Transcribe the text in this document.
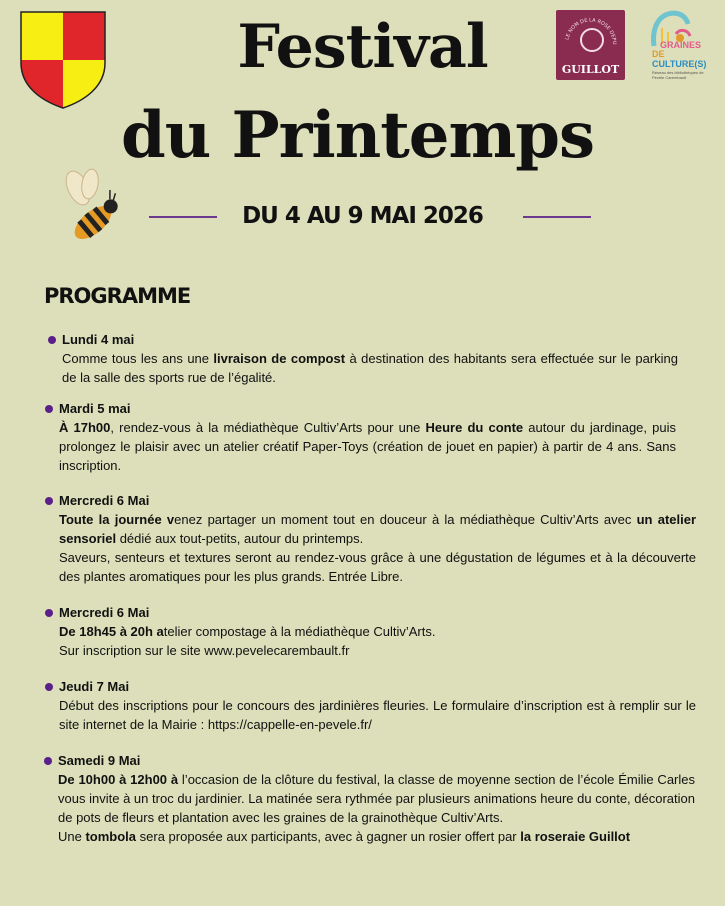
Festival
du Printemps
LE NOM DE LA ROSE DEPU
GUILLOT
GRAINES
DE
CULTURE(S)
Réseau des bibliothèques de Pévèle Carembault
DU 4 AU 9 MAI 2026
PROGRAMME
Lundi 4 mai

Comme tous les ans une livraison de compost à destination des habitants sera effectuée sur le parking de la salle des sports rue de l’égalité.

Mardi 5 mai

À 17h00, rendez-vous à la médiathèque Cultiv’Arts pour une Heure du conte autour du jardinage, puis prolongez le plaisir avec un atelier créatif Paper-Toys (création de jouet en papier) à partir de 4 ans. Sans inscription.

Mercredi 6 Mai

Toute la journée venez partager un moment tout en douceur à la médiathèque Cultiv’Arts avec un atelier sensoriel dédié aux tout-petits, autour du printemps.

Saveurs, senteurs et textures seront au rendez-vous grâce à une dégustation de légumes et à la découverte des plantes aromatiques pour les plus grands. Entrée Libre.

Mercredi 6 Mai

De 18h45 à 20h atelier compostage à la médiathèque Cultiv’Arts.

Sur inscription sur le site www.pevelecarembault.fr

Jeudi 7 Mai

Début des inscriptions pour le concours des jardinières fleuries. Le formulaire d’inscription est à remplir sur le site internet de la Mairie : https://cappelle-en-pevele.fr/

Samedi 9 Mai

De 10h00 à 12h00 à l’occasion de la clôture du festival, la classe de moyenne section de l’école Émilie Carles vous invite à un troc du jardinier. La matinée sera rythmée par plusieurs animations heure du conte, décoration de pots de fleurs et plantation avec les graines de la grainothèque Cultiv’Arts.

Une tombola sera proposée aux participants, avec à gagner un rosier offert par la roseraie Guillot
